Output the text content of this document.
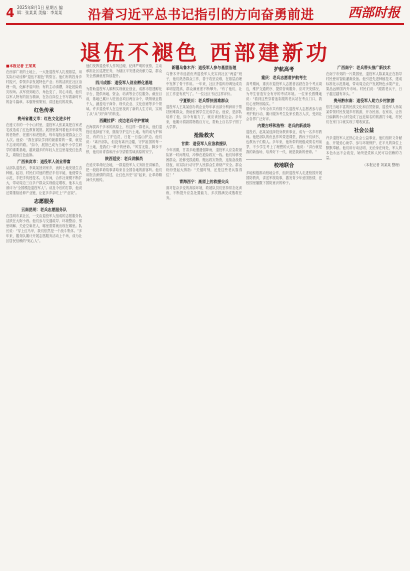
4 2025年8月1日 星期五 编辑：张某某 美编：李某某	沿着习近平总书记指引的方向奋勇前进	西部时报
退伍不褪色 西部建新功
■本报记者 王某某

在西部广袤的土地上，一大批退役军人扎根基层，用实际行动诠释“退伍不褪色”的誓言。他们有的投身乡村振兴，带领乡亲发展特色产业；有的活跃在社区治理一线，化解矛盾纠纷；有的主动请缨，奔赴抢险救灾现场。从军营到地方，角色变了，初心未改，他们以军人特有的担当精神，在各自岗位上书写着新时代的奋斗篇章。本版特别策划，讲述他们的故事。

红色传承
贵州省遵义市：红色文化进乡村

在遵义市的一个小山村里，退役军人张某某把自家老宅改造成了红色教育展馆。展馆里陈列着他多年收集的老物件、老照片和老报纸，每年接待参观群众上万人次。他说：“我在部队学到的最重要的一课，就是不忘来时的路。”如今，展馆已成为当地中小学生研学的重要基地，越来越多的年轻人在这里接受红色洗礼，赓续红色血脉。

广西来宾市：退役军人创业带富

从部队退役后，李某某回到家乡，流转土地发展生态种植。起初，村民们对他的想法半信半疑，他便带头示范，手把手传授技术。几年间，合作社规模不断扩大，带动周边三百多户群众实现稳定增收，他本人也被评为“全国模范退役军人”。谈及今后的打算，他说还要继续延伸产业链，让更多乡亲吃上“产业饭”。

志愿服务
云南昆明：老兵志愿服务队

在昆明市某社区，一支由退役军人组成的志愿服务队活跃在大街小巷。他们参与交通疏导、环境整治、邻里调解、关爱空巢老人，哪里需要就出现在哪里。队长说：“穿上红马甲，我们依然是一个战斗集体。”多年来，服务队累计开展志愿服务活动上千场，成为社区居民信赖的“贴心人”。

他们发挥退役军人作风过硬、纪律严明的优势，主动承担社区巡逻任务，为辖区平安建设贡献力量，群众安全感满意度持续提升。

四川成都：退役军人创业孵化基地

为帮助退役军人顺利实现就业创业，成都市搭建孵化平台，提供场地、资金、培训等全方位服务。截至目前，基地已累计入驻创业项目两百余个，吸纳就业数千人，涵盖电子商务、现代农业、文化创意等多个领域。许多退役军人在这里找到了新的人生方向，实现了从“兵”到“商”的转变。

西藏拉萨：戍边老兵守护雪域

在海拔四千多米的高原上，有这样一群老兵，他们退役后选择留下来，继续守护这片土地。有的成为护林员，有的当上了护边员，日复一日巡山护边。他们说：“离开部队，但没有离开边疆，守护祖国的每一寸土地，是我们一辈子的使命。”风雪无阻，脚步不停，他们用青春和汗水守望着雪域高原的安宁。

陕西延安：老兵讲解员

在延安革命纪念地，一群退役军人义务担任讲解员，把一段段革命故事讲给来自全国各地的游客听。他们用饱含深情的讲述，让红色历史“活”起来，让革命精神代代相传。

新疆乌鲁木齐：退役军人参与基层治理

乌鲁木齐市选派优秀退役军人充实到社区“两委”班子，他们熟悉群众工作，善于攻坚克难，在基层治理中发挥了骨干作用。一年来，社区矛盾纠纷调处成功率明显提高，群众满意度不断攀升。“有了他们，社区工作更有底气了。”一位社区书记这样评价。

宁夏银川：老兵帮扶困难群众

退役军人王某某创办的企业每年拿出部分利润用于帮扶困难群众，资助贫困学生完成学业。他说，是部队培养了他，如今有能力了，就应该回报社会。多年来，他累计捐款捐物数百万元，帮助上百名学子圆了大学梦。

抢险救灾
甘肃：退役军人应急救援队

今年汛期，甘肃多地遭遇强降雨，退役军人应急救援队第一时间集结，冲锋在抢险救灾一线。他们转移受困群众、抢修受损道路、搬运救灾物资，连续奋战数昼夜，用实际行动守护人民群众生命财产安全。群众纷纷竖起大拇指：“关键时刻，还是这些老兵靠得住！”

青海西宁：高原上的救援尖兵

面对复杂多变的高原环境，救援队员们坚持常态化训练，不断提升应急处置能力，多次圆满完成搜救任务。

护航高考
重庆：老兵志愿者护航考生

高考期间，重庆市退役军人志愿者活跃在各个考点周边，维护交通秩序、提供咨询服务、应对突发情况，为考生营造安全有序的考试环境。一位家长感慨地说：“看到这些穿着迷彩服的老兵站在考点门口，我们心里特别踏实。”

据统计，今年全市共有数千名退役军人志愿者参与高考护航行动，累计服务考生及家长数万人次，受到社会各界广泛好评。

内蒙古呼和浩特：老兵的新战场

退役后，赵某某选择投身教育事业，成为一名乡村教师。他把部队的优良作风带进课堂，教孩子们读书，也教孩子们做人。多年来，他所带的班级成绩名列前茅，不少学生考上了理想的大学。他说：“讲台就是我的新战场，培养好下一代，就是我新的使命。”

校地联合

多地积极推动校地合作，组织退役军人走进校园开展国防教育，讲述军旅故事，激发青少年爱国热情，在校园里播撒下国防意识的种子。

广西南宁：老兵带头推广新技术

在南宁市郊的一片果园里，退役军人陈某某正在指导村民使用智能灌溉设备。他引进先进种植技术，建成标准化示范基地，带动周边农户发展特色水果产业，果品远销国内外市场。村民们说：“跟着老兵干，日子越过越有奔头。”

贵州黔东南：退役军人助力乡村旅游

依托当地丰富的民族文化和自然资源，退役军人杨某某带领村民发展乡村旅游，开办民宿、农家乐，让昔日偏僻的小山村变成了远近闻名的旅游打卡地，村民们在家门口就实现了增收致富。

社会公益

许多退役军人还热心社会公益事业，他们组织义务献血、开展爱心助学、参与环境保护，在平凡的岗位上默默奉献。他们用行动证明，无论身在何处，军人的本色永远不会改变，始终是党和人民可以信赖的力量。

（本报记者 刘某某 整理）
